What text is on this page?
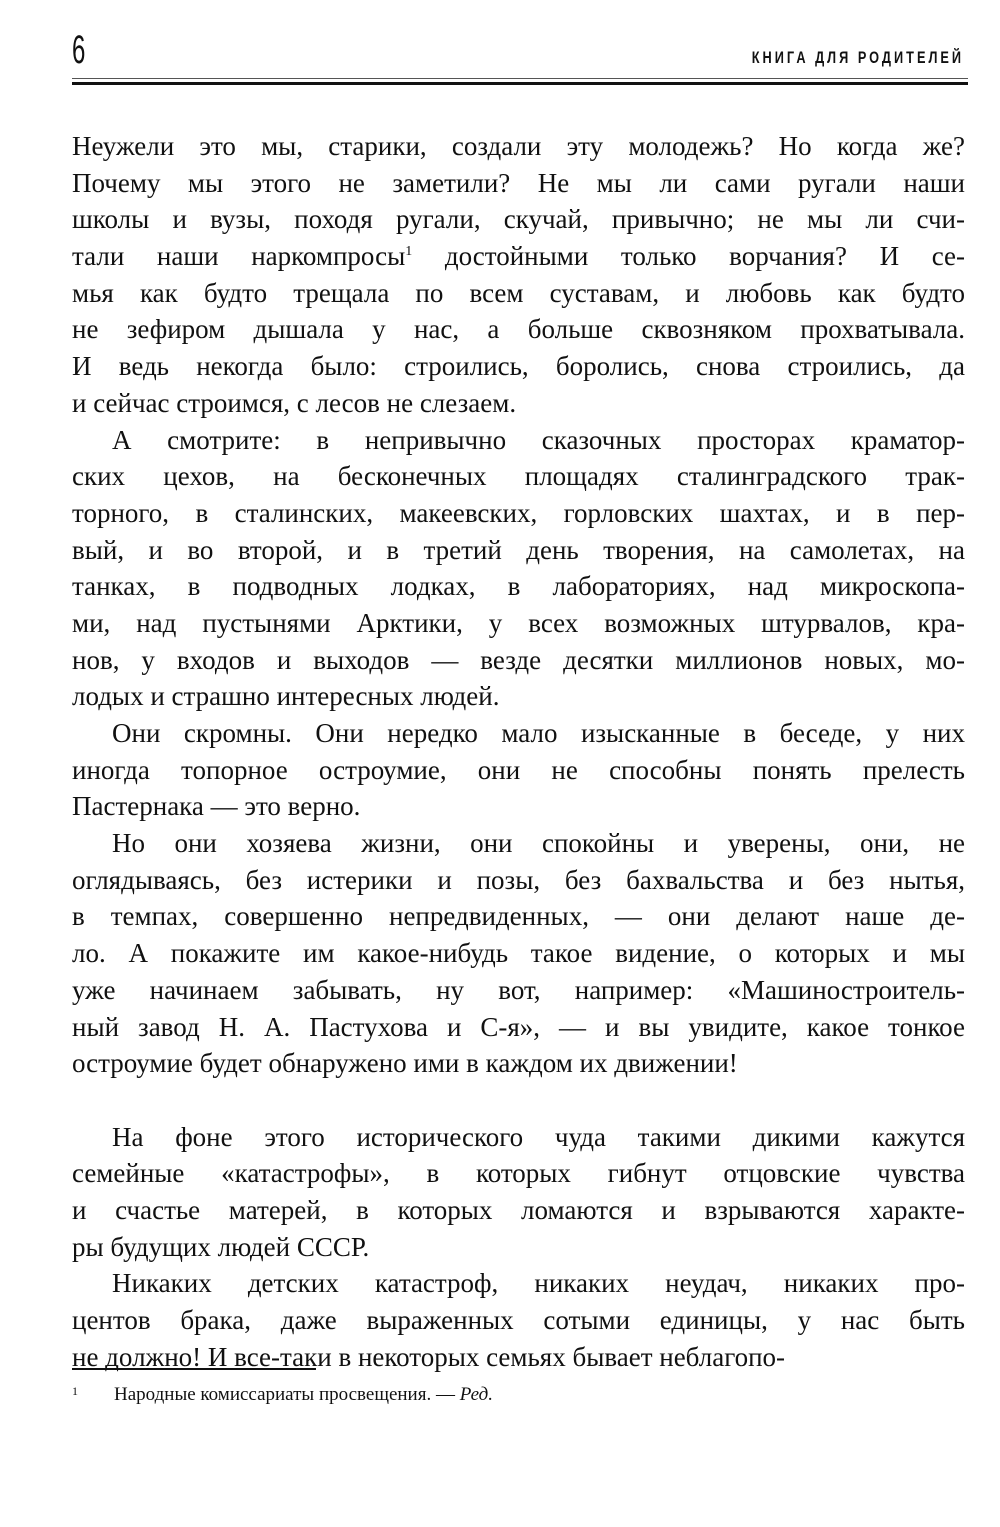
6	КНИГА ДЛЯ РОДИТЕЛЕЙ
Неужели это мы, старики, создали эту молодежь? Но когда же?
Почему мы этого не заметили? Не мы ли сами ругали наши
школы и вузы, походя ругали, скучай, привычно; не мы ли счи-
тали наши наркомпросы$^1$ достойными только ворчания? И се-
мья как будто трещала по всем суставам, и любовь как будто
не зефиром дышала у нас, а больше сквозняком прохватывала.
И ведь некогда было: строились, боролись, снова строились, да
и сейчас строимся, с лесов не слезаем.
А смотрите: в непривычно сказочных просторах краматор-
ских цехов, на бесконечных площадях сталинградского трак-
торного, в сталинских, макеевских, горловских шахтах, и в пер-
вый, и во второй, и в третий день творения, на самолетах, на
танках, в подводных лодках, в лабораториях, над микроскопа-
ми, над пустынями Арктики, у всех возможных штурвалов, кра-
нов, у входов и выходов — везде десятки миллионов новых, мо-
лодых и страшно интересных людей.
Они скромны. Они нередко мало изысканные в беседе, у них
иногда топорное остроумие, они не способны понять прелесть
Пастернака — это верно.
Но они хозяева жизни, они спокойны и уверены, они, не
оглядываясь, без истерики и позы, без бахвальства и без нытья,
в темпах, совершенно непредвиденных, — они делают наше де-
ло. А покажите им какое-нибудь такое видение, о которых и мы
уже начинаем забывать, ну вот, например: «Машиностроитель-
ный завод Н. А. Пастухова и С-я», — и вы увидите, какое тонкое
остроумие будет обнаружено ими в каждом их движении!
На фоне этого исторического чуда такими дикими кажутся
семейные «катастрофы», в которых гибнут отцовские чувства
и счастье матерей, в которых ломаются и взрываются характе-
ры будущих людей СССР.
Никаких детских катастроф, никаких неудач, никаких про-
центов брака, даже выраженных сотыми единицы, у нас быть
не должно! И все-таки в некоторых семьях бывает неблагопо-
1 Народные комиссариаты просвещения. — Ред.
